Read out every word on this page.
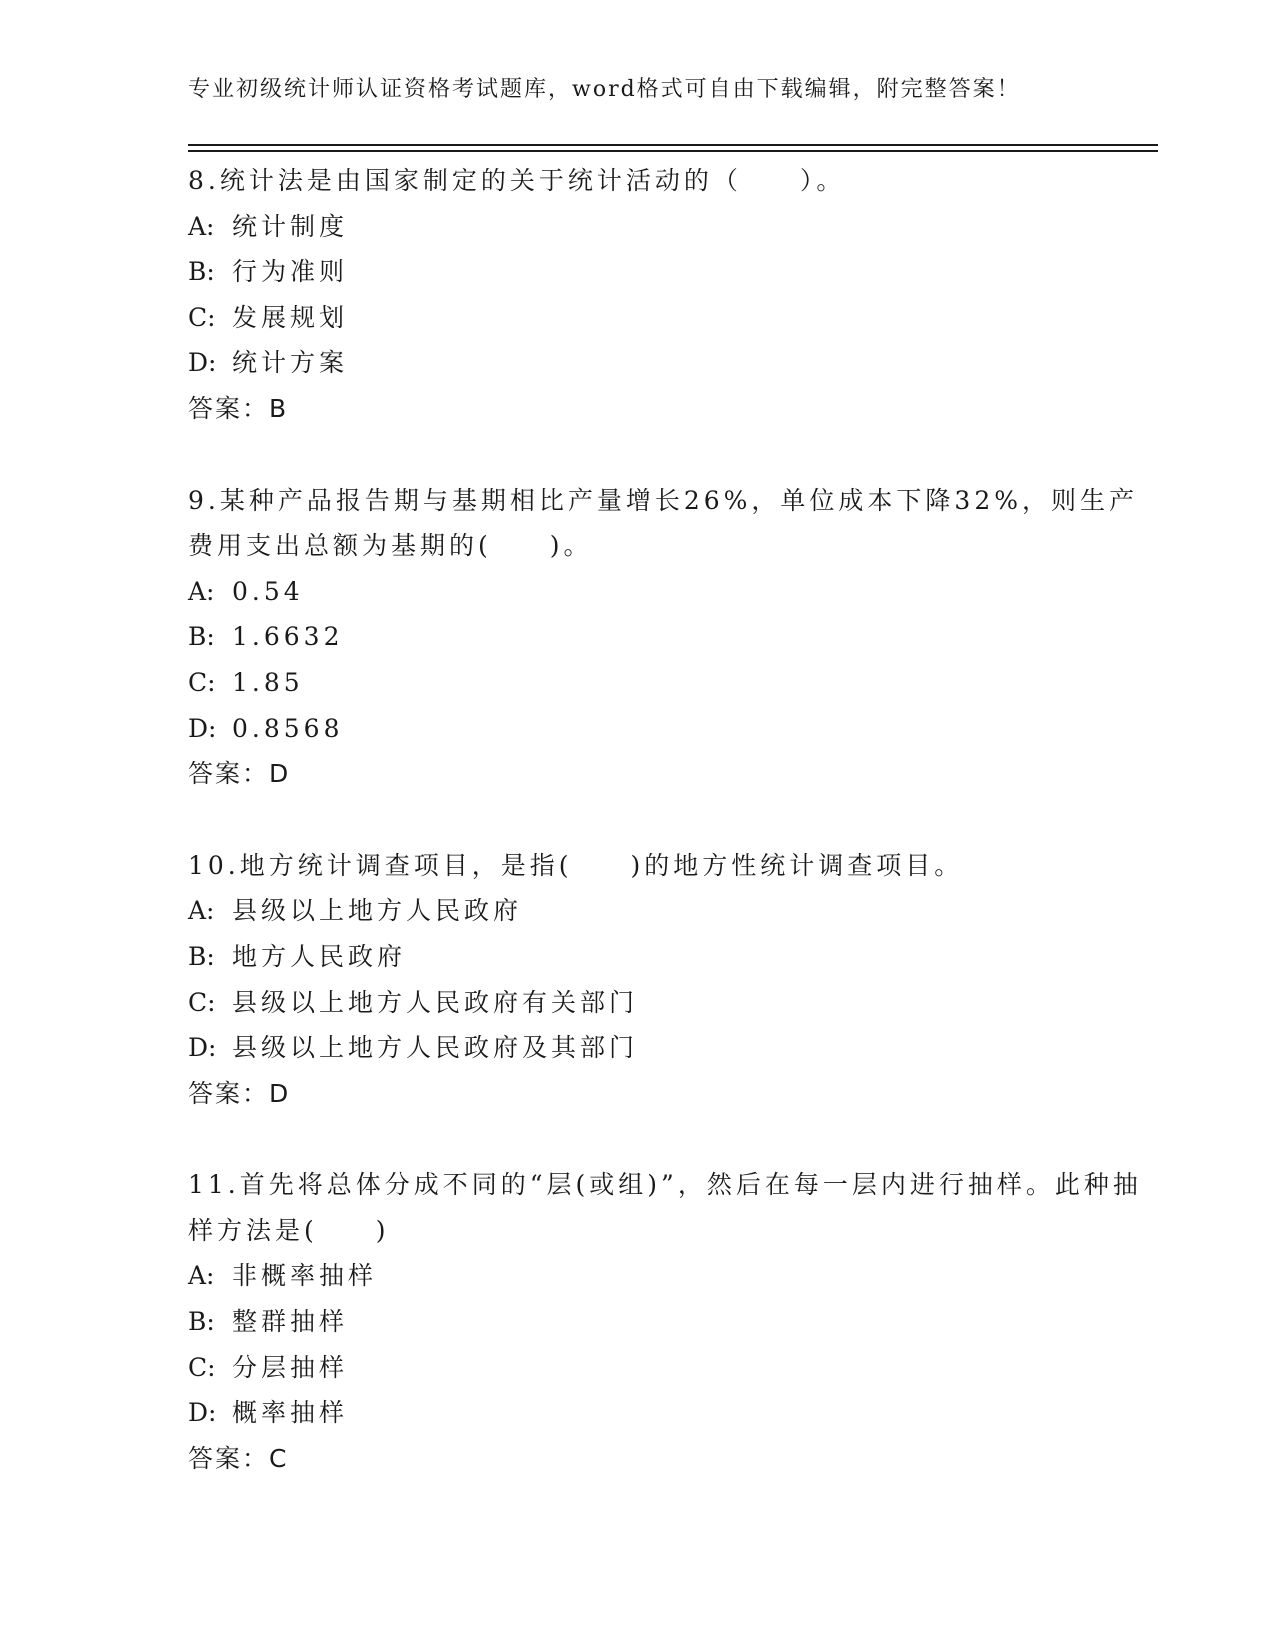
专业初级统计师认证资格考试题库，word格式可自由下载编辑，附完整答案！

8.统计法是由国家制定的关于统计活动的（　　）。

A: 统计制度
B: 行为准则
C: 发展规划
D: 统计方案
答案：B

9.某种产品报告期与基期相比产量增长26%，单位成本下降32%，则生产费用支出总额为基期的(　　)。

A: 0.54
B: 1.6632
C: 1.85
D: 0.8568
答案：D

10.地方统计调查项目，是指(　　)的地方性统计调查项目。

A: 县级以上地方人民政府
B: 地方人民政府
C: 县级以上地方人民政府有关部门
D: 县级以上地方人民政府及其部门
答案：D

11.首先将总体分成不同的“层(或组)”，然后在每一层内进行抽样。此种抽样方法是(　　)

A: 非概率抽样
B: 整群抽样
C: 分层抽样
D: 概率抽样
答案：C
